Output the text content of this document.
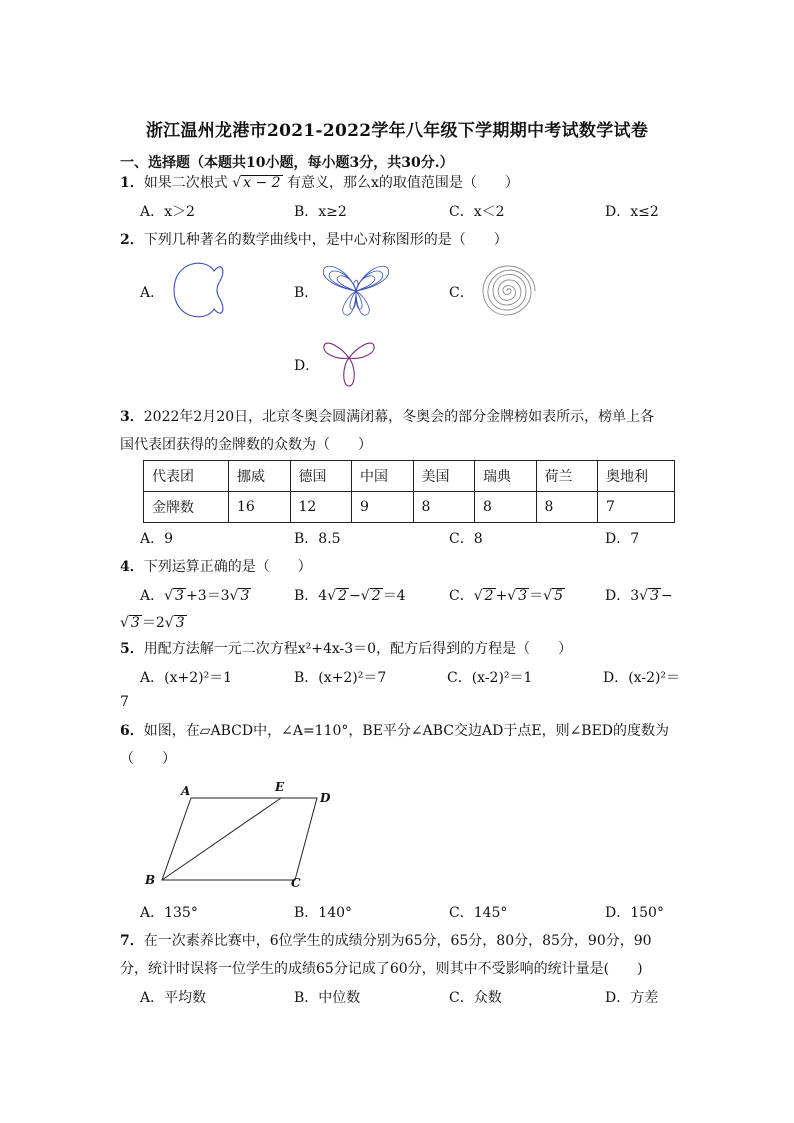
浙江温州龙港市2021-2022学年八年级下学期期中考试数学试卷
一、选择题（本题共10小题，每小题3分，共30分.）
1．如果二次根式 √ x − 2 有意义，那么x的取值范围是（　　）
A．x＞2	B．x≥2	C．x＜2	D．x≤2
2．下列几种著名的数学曲线中，是中心对称图形的是（　　）
A．	B．	C．
D．
3．2022年2月20日，北京冬奥会圆满闭幕，冬奥会的部分金牌榜如表所示，榜单上各
国代表团获得的金牌数的众数为（　　）
代表团	挪威	德国	中国	美国	瑞典	荷兰	奥地利
金牌数	16	12	9	8	8	8	7
A．9	B．8.5	C．8	D．7
4．下列运算正确的是（　　）
A．√ 3 +3＝3√ 3	B．4√ 2 −√ 2 ＝4	C．√ 2 +√ 3 ＝√ 5	D．3√ 3 −
√ 3 ＝2√ 3
5．用配方法解一元二次方程x²+4x-3＝0，配方后得到的方程是（　　）
A．(x+2)²＝1	B．(x+2)²＝7	C．(x-2)²＝1	D．(x-2)²＝
7
6．如图，在▱ABCD中，∠A=110°，BE平分∠ABC交边AD于点E，则∠BED的度数为
（　　）
A	E
D
B	C
A．135°	B．140°	C．145°	D．150°
7．在一次素养比赛中，6位学生的成绩分别为65分，65分，80分，85分，90分，90
分，统计时误将一位学生的成绩65分记成了60分，则其中不受影响的统计量是(　　)
A．平均数	B．中位数	C．众数	D．方差
